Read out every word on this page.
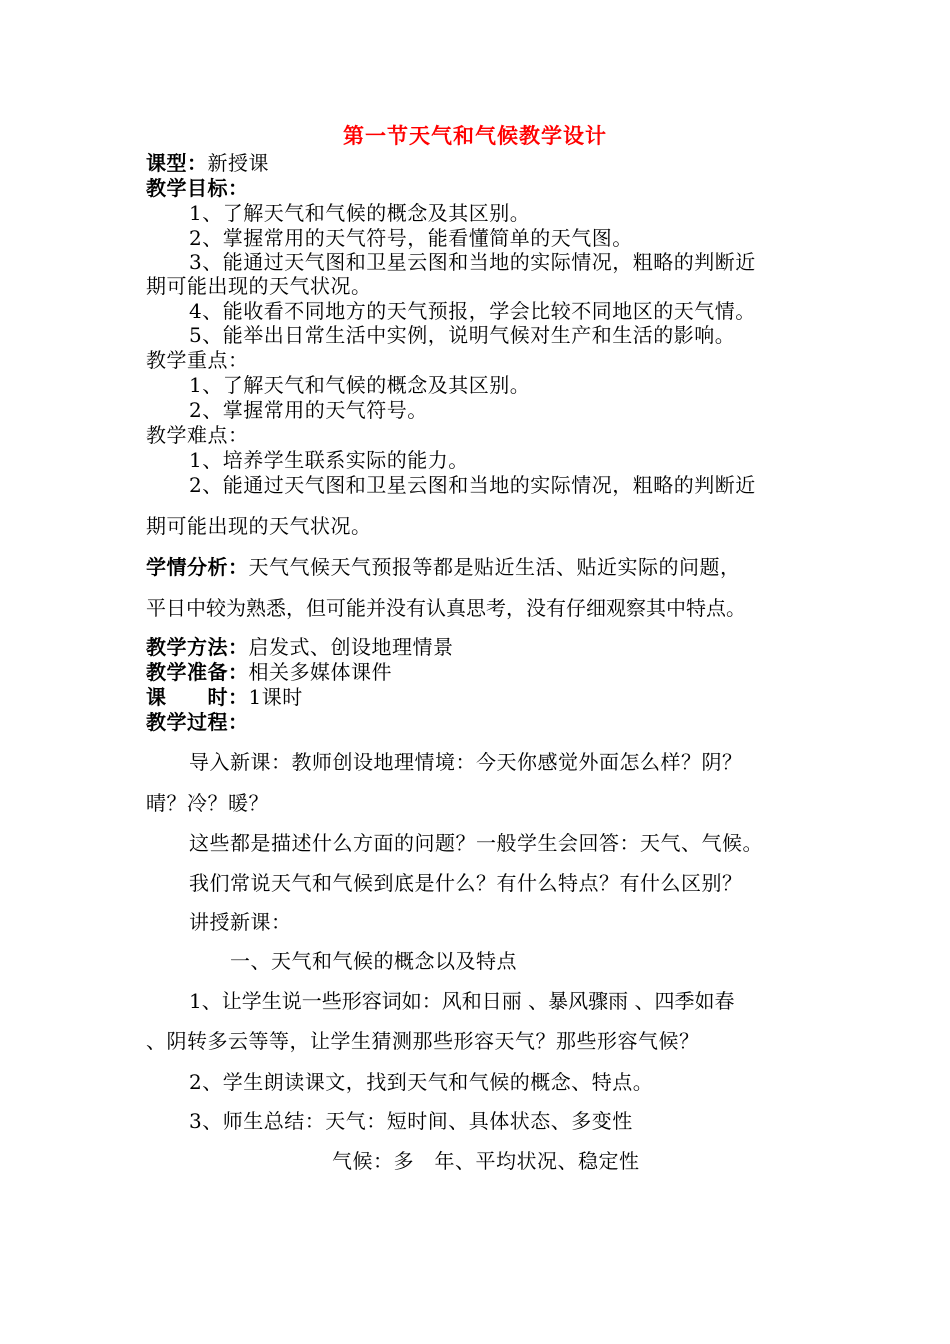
第一节天气和气候教学设计
课型：新授课
教学目标：
1、了解天气和气候的概念及其区别。
2、掌握常用的天气符号，能看懂简单的天气图。
3、能通过天气图和卫星云图和当地的实际情况，粗略的判断近
期可能出现的天气状况。
4、能收看不同地方的天气预报，学会比较不同地区的天气情。
5、能举出日常生活中实例，说明气候对生产和生活的影响。
教学重点：
1、了解天气和气候的概念及其区别。
2、掌握常用的天气符号。
教学难点：
1、培养学生联系实际的能力。
2、能通过天气图和卫星云图和当地的实际情况，粗略的判断近
期可能出现的天气状况。
学情分析：天气气候天气预报等都是贴近生活、贴近实际的问题，
平日中较为熟悉，但可能并没有认真思考，没有仔细观察其中特点。
教学方法：启发式、创设地理情景
教学准备：相关多媒体课件
课　　时：1课时
教学过程：
导入新课：教师创设地理情境：今天你感觉外面怎么样？阴？
晴？冷？暖？
这些都是描述什么方面的问题？一般学生会回答：天气、气候。
我们常说天气和气候到底是什么？有什么特点？有什么区别？
讲授新课：
一、天气和气候的概念以及特点
1、让学生说一些形容词如：风和日丽 、暴风骤雨 、四季如春
、阴转多云等等，让学生猜测那些形容天气？那些形容气候？
2、学生朗读课文，找到天气和气候的概念、特点。
3、师生总结：天气：短时间、具体状态、多变性
气候：多　年、平均状况、稳定性
